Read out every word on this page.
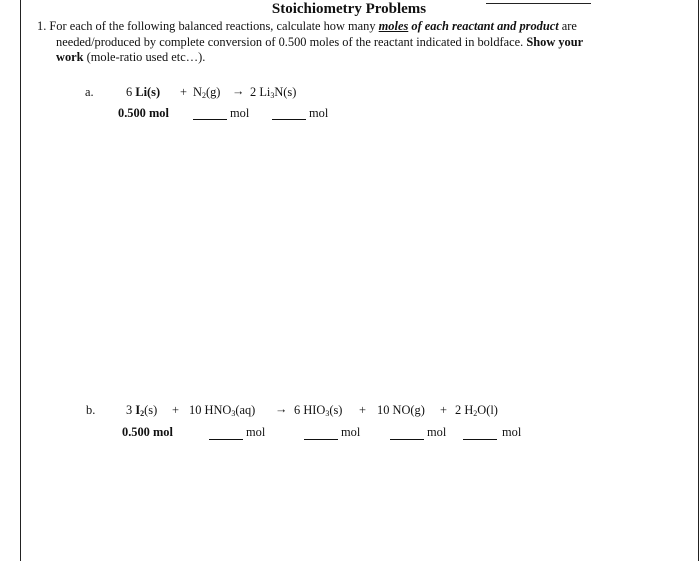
Stoichiometry Problems
1. For each of the following balanced reactions, calculate how many moles of each reactant and product are
needed/produced by complete conversion of 0.500 moles of the reactant indicated in boldface. Show your
work (mole-ratio used etc…).
a.	6 $Li(s) + N_2(g) \to 2$ $Li_3N(s)$
0.500 mol	mol	mol
b. 3 $I_2(s) + 10$ $HNO_3(aq) \to 6$ $HIO_3(s) + 10$ NO(g) + 2 $H_2O(l)$
0.500 mol	mol	mol	mol	mol
